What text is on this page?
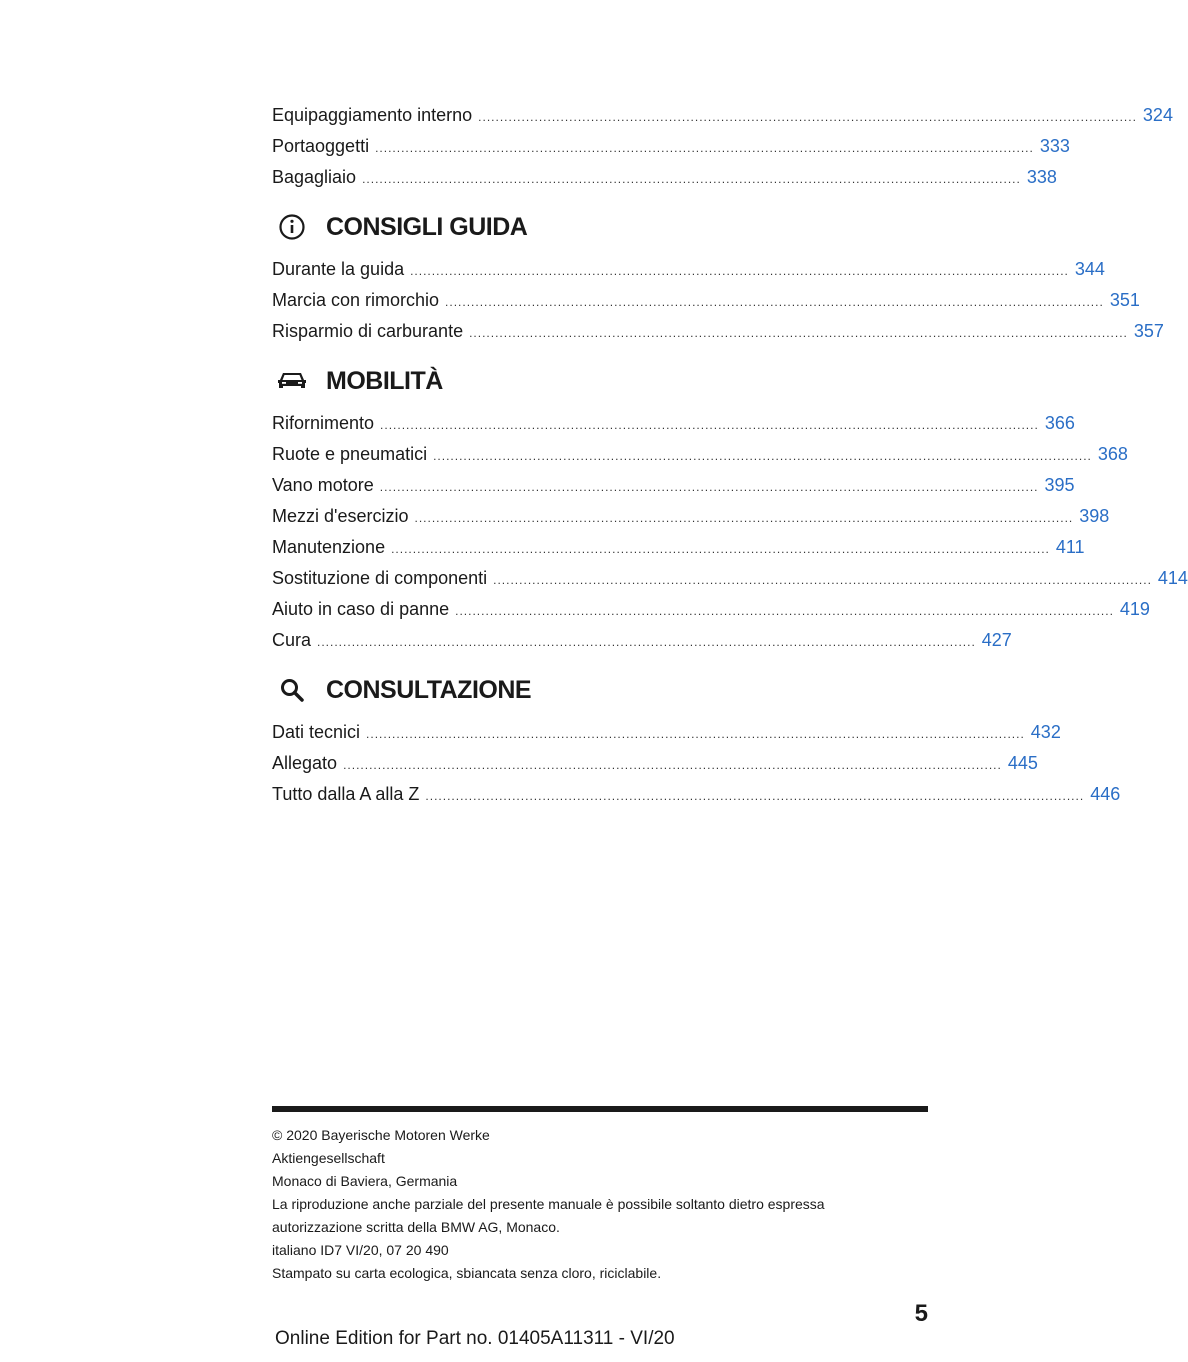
Equipaggiamento interno ........................................................................................................................................................ 324
Portaoggetti ........................................................................................................................................................ 333
Bagagliaio ........................................................................................................................................................ 338
CONSIGLI GUIDA
Durante la guida ........................................................................................................................................................ 344
Marcia con rimorchio ........................................................................................................................................................ 351
Risparmio di carburante ........................................................................................................................................................ 357
MOBILITÀ
Rifornimento ........................................................................................................................................................ 366
Ruote e pneumatici ........................................................................................................................................................ 368
Vano motore ........................................................................................................................................................ 395
Mezzi d'esercizio ........................................................................................................................................................ 398
Manutenzione ........................................................................................................................................................ 411
Sostituzione di componenti ........................................................................................................................................................ 414
Aiuto in caso di panne ........................................................................................................................................................ 419
Cura ........................................................................................................................................................ 427
CONSULTAZIONE
Dati tecnici ........................................................................................................................................................ 432
Allegato ........................................................................................................................................................ 445
Tutto dalla A alla Z ........................................................................................................................................................ 446
© 2020 Bayerische Motoren Werke
Aktiengesellschaft
Monaco di Baviera, Germania
La riproduzione anche parziale del presente manuale è possibile soltanto dietro espressa
autorizzazione scritta della BMW AG, Monaco.
italiano ID7 VI/20, 07 20 490
Stampato su carta ecologica, sbiancata senza cloro, riciclabile.
5
Online Edition for Part no. 01405A11311 - VI/20
